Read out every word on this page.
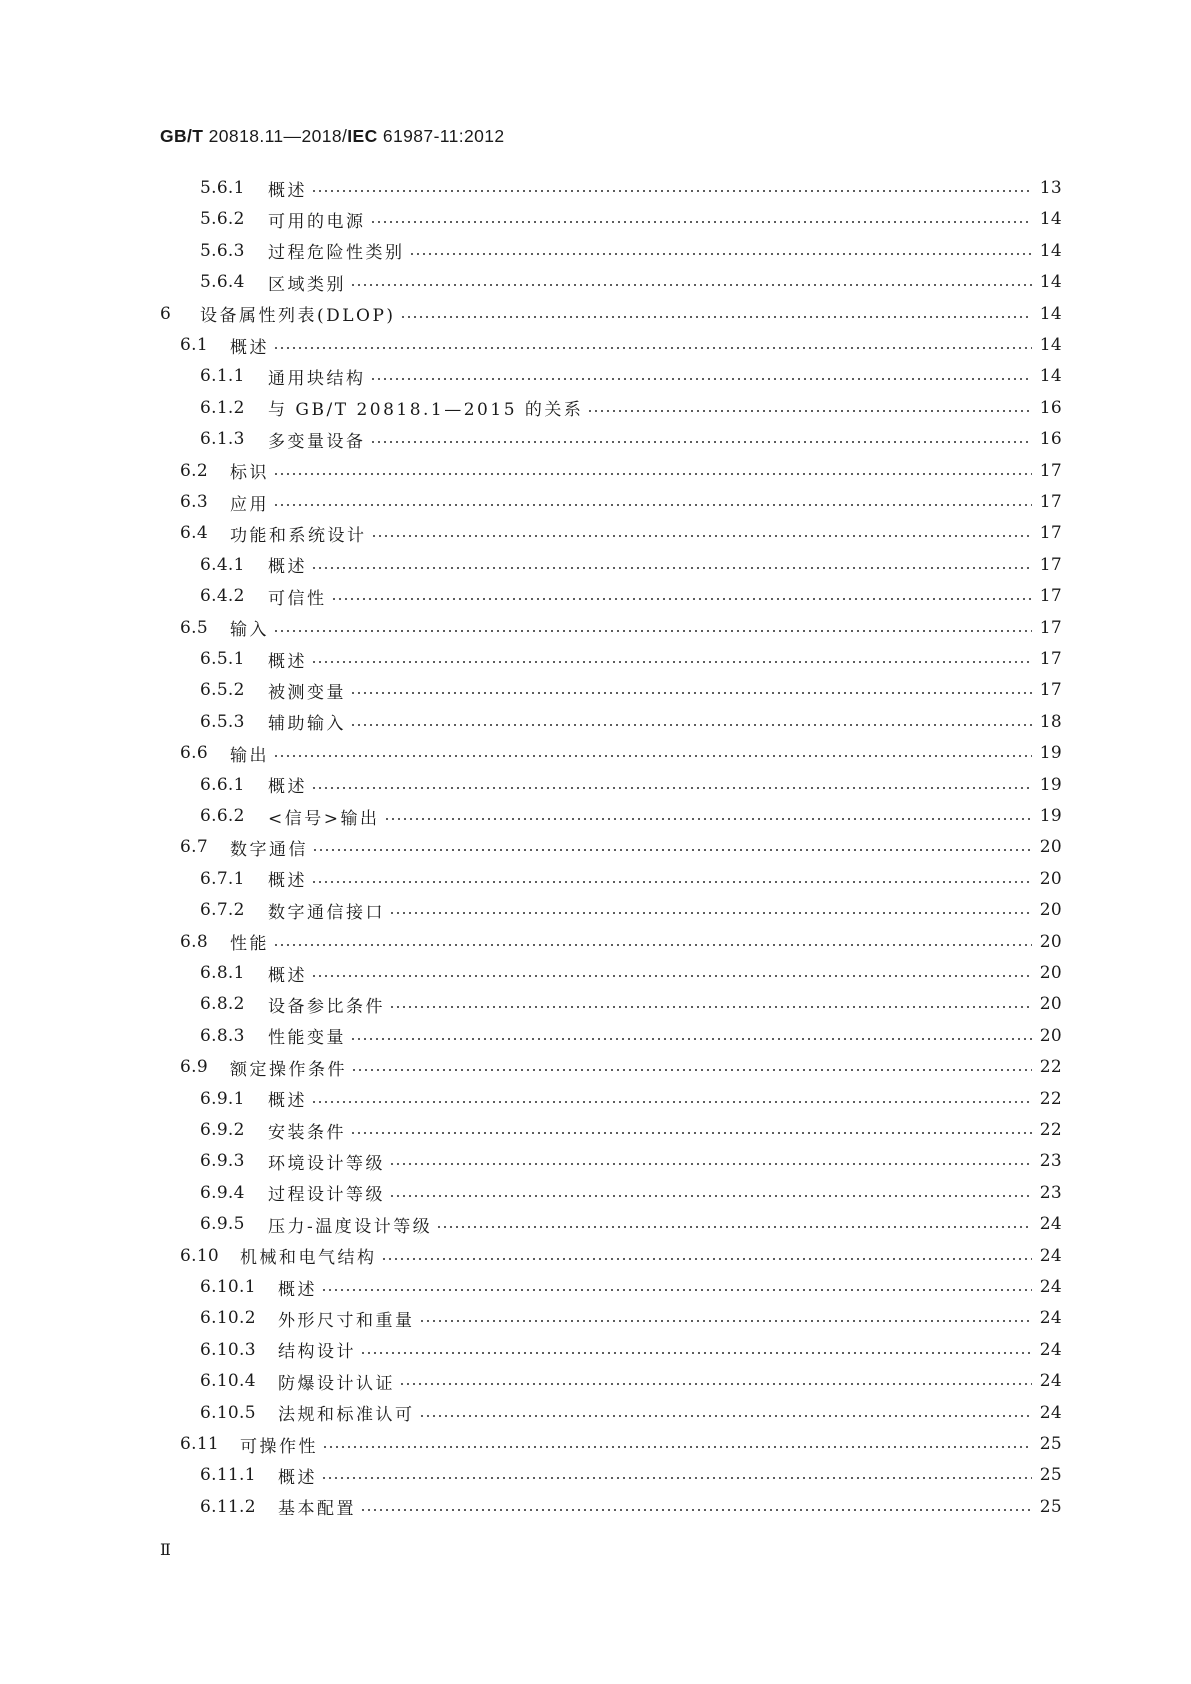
GB/T 20818.11—2018/IEC 61987-11:2012
5.6.1	概述	13
5.6.2	可用的电源	14
5.6.3	过程危险性类别	14
5.6.4	区域类别	14
6	设备属性列表(DLOP)	14
6.1	概述	14
6.1.1	通用块结构	14
6.1.2	与 GB/T 20818.1—2015 的关系	16
6.1.3	多变量设备	16
6.2	标识	17
6.3	应用	17
6.4	功能和系统设计	17
6.4.1	概述	17
6.4.2	可信性	17
6.5	输入	17
6.5.1	概述	17
6.5.2	被测变量	17
6.5.3	辅助输入	18
6.6	输出	19
6.6.1	概述	19
6.6.2	<信号>输出	19
6.7	数字通信	20
6.7.1	概述	20
6.7.2	数字通信接口	20
6.8	性能	20
6.8.1	概述	20
6.8.2	设备参比条件	20
6.8.3	性能变量	20
6.9	额定操作条件	22
6.9.1	概述	22
6.9.2	安装条件	22
6.9.3	环境设计等级	23
6.9.4	过程设计等级	23
6.9.5	压力-温度设计等级	24
6.10	机械和电气结构	24
6.10.1	概述	24
6.10.2	外形尺寸和重量	24
6.10.3	结构设计	24
6.10.4	防爆设计认证	24
6.10.5	法规和标准认可	24
6.11	可操作性	25
6.11.1	概述	25
6.11.2	基本配置	25
Ⅱ
